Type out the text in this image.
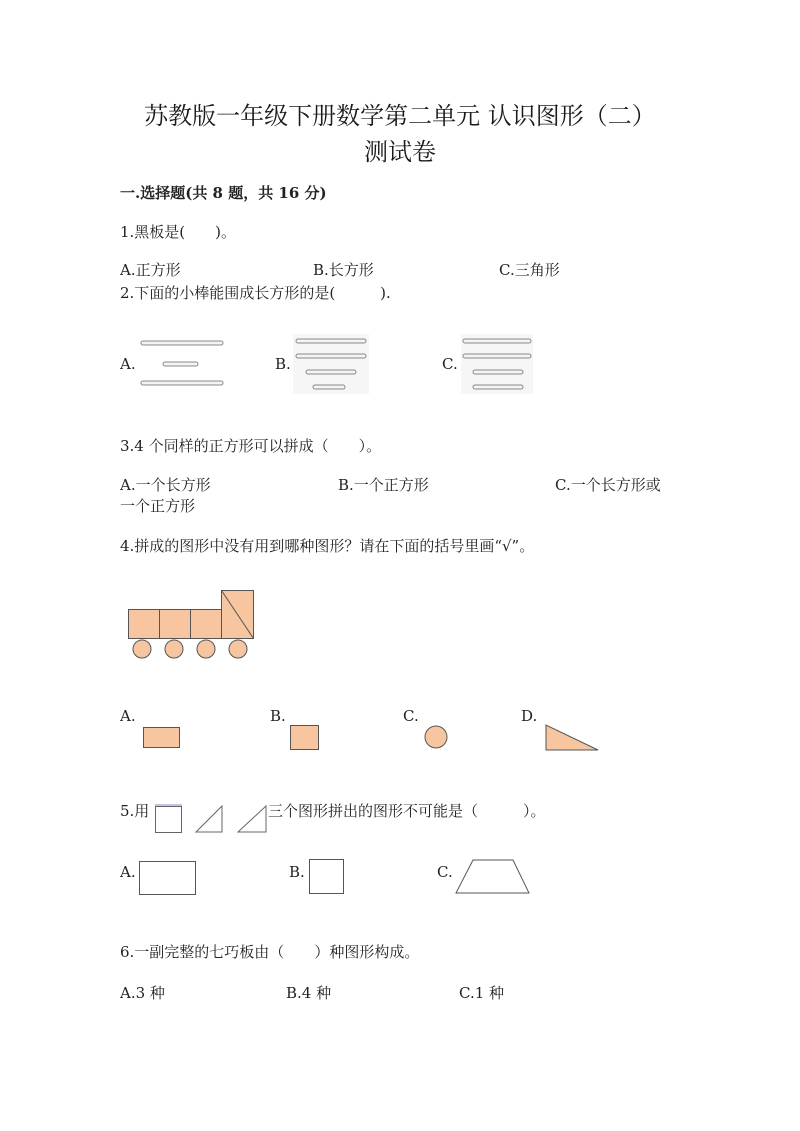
苏教版一年级下册数学第二单元 认识图形（二）
测试卷
一.选择题(共 8 题，共 16 分)
1.黑板是(　　)。
A.正方形	B.长方形	C.三角形
2.下面的小棒能围成长方形的是(　　　).
A.	B.	C.
3.4 个同样的正方形可以拼成（　　）。
A.一个长方形	B.一个正方形	C.一个长方形或
一个正方形
4.拼成的图形中没有用到哪种图形？请在下面的括号里画“√”。
A.	B.	C.	D.
5.用	三个图形拼出的图形不可能是（　　　）。
A.	B.	C.
6.一副完整的七巧板由（　　）种图形构成。
A.3 种	B.4 种	C.1 种
